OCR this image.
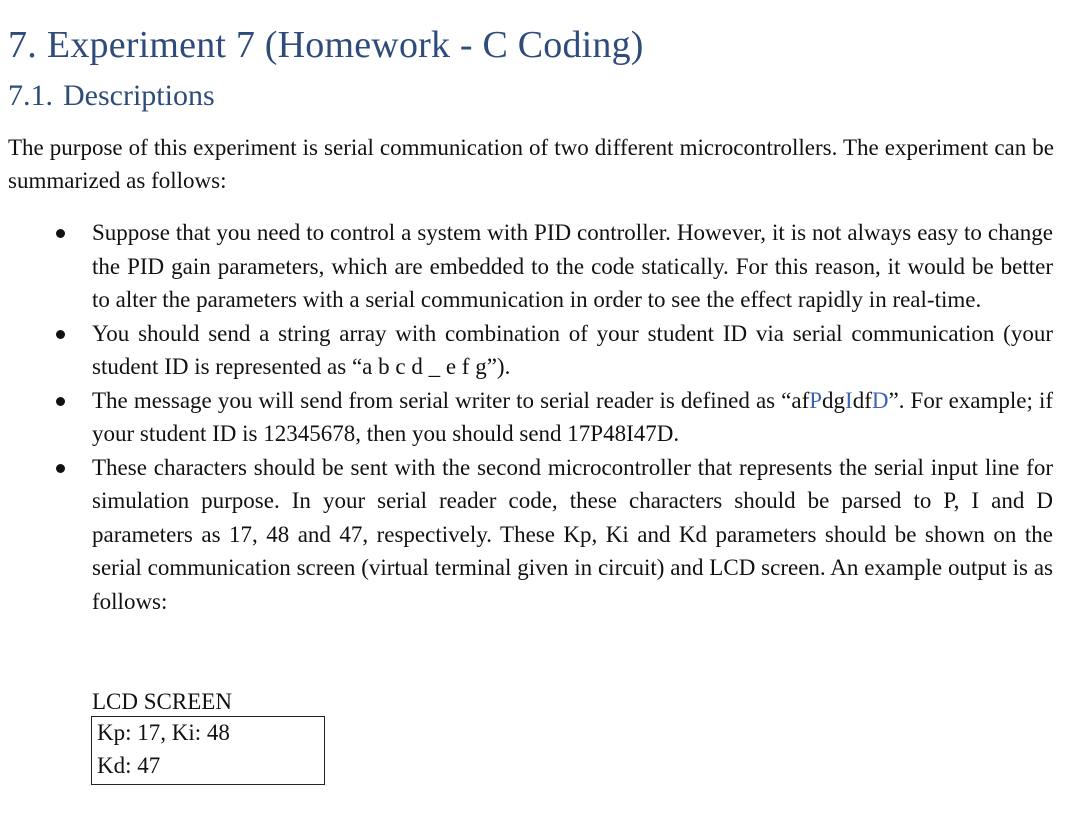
7. Experiment 7 (Homework - C Coding)
7.1. Descriptions

The purpose of this experiment is serial communication of two different microcontrollers. The experiment can be summarized as follows:

Suppose that you need to control a system with PID controller. However, it is not always easy to change the PID gain parameters, which are embedded to the code statically. For this reason, it would be better to alter the parameters with a serial communication in order to see the effect rapidly in real-time.
You should send a string array with combination of your student ID via serial communication (your student ID is represented as “a b c d _ e f g”).
The message you will send from serial writer to serial reader is defined as “afPdgIdfD”. For example; if your student ID is 12345678, then you should send 17P48I47D.
These characters should be sent with the second microcontroller that represents the serial input line for simulation purpose. In your serial reader code, these characters should be parsed to P, I and D parameters as 17, 48 and 47, respectively. These Kp, Ki and Kd parameters should be shown on the serial communication screen (virtual terminal given in circuit) and LCD screen. An example output is as follows:
LCD SCREEN
Kp: 17, Ki: 48
Kd: 47
